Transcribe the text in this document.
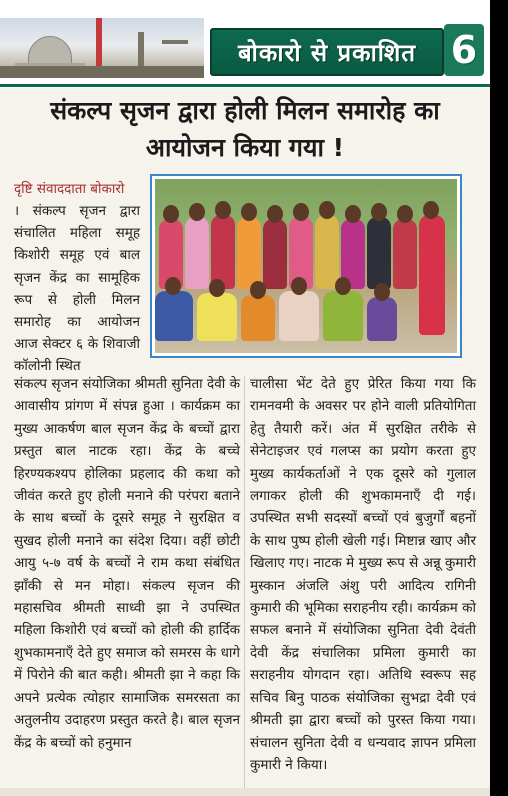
बोकारो से प्रकाशित 6
संकल्प सृजन द्वारा होली मिलन समारोह का
आयोजन किया गया !
दृष्टि संवाददाता बोकारो

। संकल्प सृजन द्वारा संचालित महिला समूह किशोरी समूह एवं बाल सृजन केंद्र का सामूहिक रूप से होली मिलन समारोह का आयोजन आज सेक्टर ६ के शिवाजी कॉलोनी स्थित

संकल्प सृजन संयोजिका श्रीमती सुनिता देवी के आवासीय प्रांगण में संपन्न हुआ । कार्यक्रम का मुख्य आकर्षण बाल सृजन केंद्र के बच्चों द्वारा प्रस्तुत बाल नाटक रहा। केंद्र के बच्चे हिरण्यकश्यप होलिका प्रहलाद की कथा को जीवंत करते हुए होली मनाने की परंपरा बताने के साथ बच्चों के दूसरे समूह ने सुरक्षित व सुखद होली मनाने का संदेश दिया। वहीं छोटी आयु ५-७ वर्ष के बच्चों ने राम कथा संबंधित झाँकी से मन मोहा। संकल्प सृजन की महासचिव श्रीमती साध्वी झा ने उपस्थित महिला किशोरी एवं बच्चों को होली की हार्दिक शुभकामनाएँ देते हुए समाज को समरस के धागे में पिरोने की बात कही। श्रीमती झा ने कहा कि अपने प्रत्येक त्योहार सामाजिक समरसता का अतुलनीय उदाहरण प्रस्तुत करते है। बाल सृजन केंद्र के बच्चों को हनुमान

चालीसा भेंट देते हुए प्रेरित किया गया कि रामनवमी के अवसर पर होने वाली प्रतियोगिता हेतु तैयारी करें। अंत में सुरक्षित तरीके से सेनेटाइजर एवं गलप्स का प्रयोग करता हुए मुख्य कार्यकर्ताओं ने एक दूसरे को गुलाल लगाकर होली की शुभकामनाएँ दी गई। उपस्थित सभी सदस्यों बच्चों एवं बुजुर्गों बहनों के साथ पुष्प होली खेली गई। मिष्टान्न खाए और खिलाए गए। नाटक मे मुख्य रूप से अन्नू कुमारी मुस्कान अंजलि अंशु परी आदित्य रागिनी कुमारी की भूमिका सराहनीय रही। कार्यक्रम को सफल बनाने में संयोजिका सुनिता देवी देवंती देवी केंद्र संचालिका प्रमिला कुमारी का सराहनीय योगदान रहा। अतिथि स्वरूप सह सचिव बिनु पाठक संयोजिका सुभद्रा देवी एवं श्रीमती झा द्वारा बच्चों को पुरस्त किया गया। संचालन सुनिता देवी व धन्यवाद ज्ञापन प्रमिला कुमारी ने किया।
